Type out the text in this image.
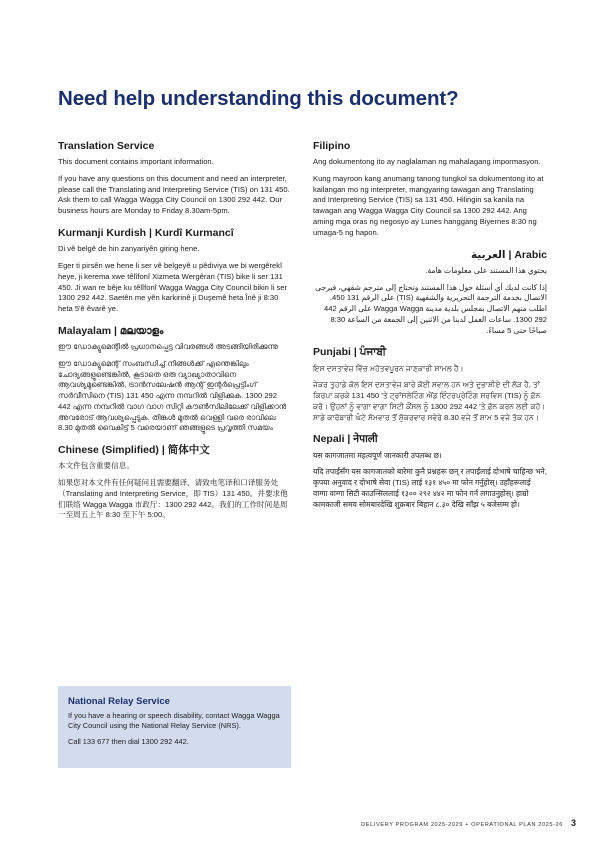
Need help understanding this document?
Translation Service

This document contains important information.

If you have any questions on this document and need an interpreter, please call the Translating and Interpreting Service (TIS) on 131 450. Ask them to call Wagga Wagga City Council on 1300 292 442. Our business hours are Monday to Friday 8.30am-5pm.

Kurmanji Kurdish | Kurdî Kurmancî

Di vê belgê de hin zanyariyên giring hene.

Eger ti pirsên we hene li ser vê belgeyê u pêdiviya we bi wergêrekî heye, ji kerema xwe têlîfonî Xizmeta Wergêran (TIS) bike li ser 131 450. Ji wan re bêje ku têlîfonî Wagga Wagga City Council bikin li ser 1300 292 442. Saetên me yên karkirinê ji Duşemê heta Înê ji 8:30 heta 5'ê êvarê ye.

Malayalam | മലയാളം

ഈ ഡോക്യുമെന്റിൽ പ്രധാനപ്പെട്ട വിവരങ്ങൾ അടങ്ങിയിരിക്കുന്നു

ഈ ഡോക്യുമെന്റ് സംബന്ധിച്ച് നിങ്ങൾക്ക് എന്തെങ്കിലും ചോദ്യങ്ങളുണ്ടെങ്കിൽ, കൂടാതെ ഒരു വ്യാഖ്യാതാവിനെ ആവശ്യമുണ്ടെങ്കിൽ, ട്രാൻസലേഷൻ ആന്റ് ഇന്റർപ്രെട്ടിംഗ് സർവീസിനെ (TIS) 131 450 എന്ന നമ്പറിൽ വിളിക്കുക. 1300 292 442 എന്ന നമ്പറിൽ വാഗ വാഗ സിറ്റി കൗൺസിലിലേക്ക് വിളിക്കാൻ അവരോട് ആവശ്യപ്പെടുക. തിങ്കൾ മുതൽ വെള്ളി വരെ രാവിലെ 8.30 മുതൽ വൈകിട്ട് 5 വരെയാണ് ഞങ്ങളുടെ പ്രവൃത്തി സമയം

Chinese (Simplified) | 简体中文

本文件包含重要信息。

如果您对本文件有任何疑问且需要翻译，请致电笔译和口译服务处（Translating and Interpreting Service，即 TIS）131 450。并要求他们联络 Wagga Wagga 市政厅：1300 292 442。我们的工作时间是周一至周五上午 8:30 至下午 5:00。

Filipino

Ang dokumentong ito ay naglalaman ng mahalagang impormasyon.

Kung mayroon kang anumang tanong tungkol sa dokumentong ito at kailangan mo ng interpreter, mangyaring tawagan ang Translating and Interpreting Service (TIS) sa 131 450. Hilingin sa kanila na tawagan ang Wagga Wagga City Council sa 1300 292 442. Ang aming mga oras ng negosyo ay Lunes hanggang Biyernes 8:30 ng umaga-5 ng hapon.

Arabic | العربية

يحتوي هذا المستند على معلومات هامة.

إذا كانت لديك أي أسئلة حول هذا المستند وتحتاج إلى مترجم شفهي، فيرجى الاتصال بخدمة الترجمة التحريرية والشفهية (TIS) على الرقم 131 450. اطلب منهم الاتصال بمجلس بلدية مدينة Wagga Wagga على الرقم 442 292 1300. ساعات العمل لدينا من الاثنين إلى الجمعة من الساعة 8:30 صباحًا حتى 5 مساءً.

Punjabi | ਪੰਜਾਬੀ

ਇਸ ਦਸਤਾਵੇਜ਼ ਵਿੱਚ ਮਹੱਤਵਪੂਰਨ ਜਾਣਕਾਰੀ ਸ਼ਾਮਲ ਹੈ।

ਜੇਕਰ ਤੁਹਾਡੇ ਕੋਲ ਇਸ ਦਸਤਾਵੇਜ਼ ਬਾਰੇ ਕੋਈ ਸਵਾਲ ਹਨ ਅਤੇ ਦੁਭਾਸ਼ੀਏ ਦੀ ਲੋੜ ਹੈ, ਤਾਂ ਕਿਰਪਾ ਕਰਕੇ 131 450 'ਤੇ ਟ੍ਰਾਂਸਲੇਟਿੰਗ ਐਂਡ ਇੰਟਰਪ੍ਰੇਟਿੰਗ ਸਰਵਿਸ (TIS) ਨੂੰ ਫ਼ੋਨ ਕਰੋ। ਉਹਨਾਂ ਨੂੰ ਵਾਗਾ ਵਾਗਾ ਸਿਟੀ ਕੌਂਸਲ ਨੂੰ 1300 292 442 'ਤੇ ਫ਼ੋਨ ਕਰਨ ਲਈ ਕਹੋ। ਸਾਡੇ ਕਾਰੋਬਾਰੀ ਘੰਟੇ ਸੋਮਵਾਰ ਤੋਂ ਸ਼ੁੱਕਰਵਾਰ ਸਵੇਰੇ 8.30 ਵਜੇ ਤੋਂ ਸ਼ਾਮ 5 ਵਜੇ ਤੱਕ ਹਨ।

Nepali | नेपाली

यस कागजातमा महत्वपूर्ण जानकारी उपलब्ध छ।

यदि तपाईंसँग यस कागजातको बारेमा कुनै प्रश्नहरू छन् र तपाईंलाई दोभाषे चाहिन्छ भने, कृपया अनुवाद र दोभाषे सेवा (TIS) लाई १३१ ४५० मा फोन गर्नुहोस्। उहाँहरूलाई वाग्गा वाग्गा सिटी काउन्सिललाई १३०० २९२ ४४२ मा फोन गर्न लगाउनुहोस्। हाम्रो कामकाजी समय सोमबारदेखि शुक्रबार बिहान ८.३० देखि साँझ ५ बजेसम्म हो।

National Relay Service

If you have a hearing or speech disability, contact Wagga Wagga City Council using the National Relay Service (NRS).

Call 133 677 then dial 1300 292 442.

DELIVERY PROGRAM 2025-2029 + OPERATIONAL PLAN 2025-26 3
